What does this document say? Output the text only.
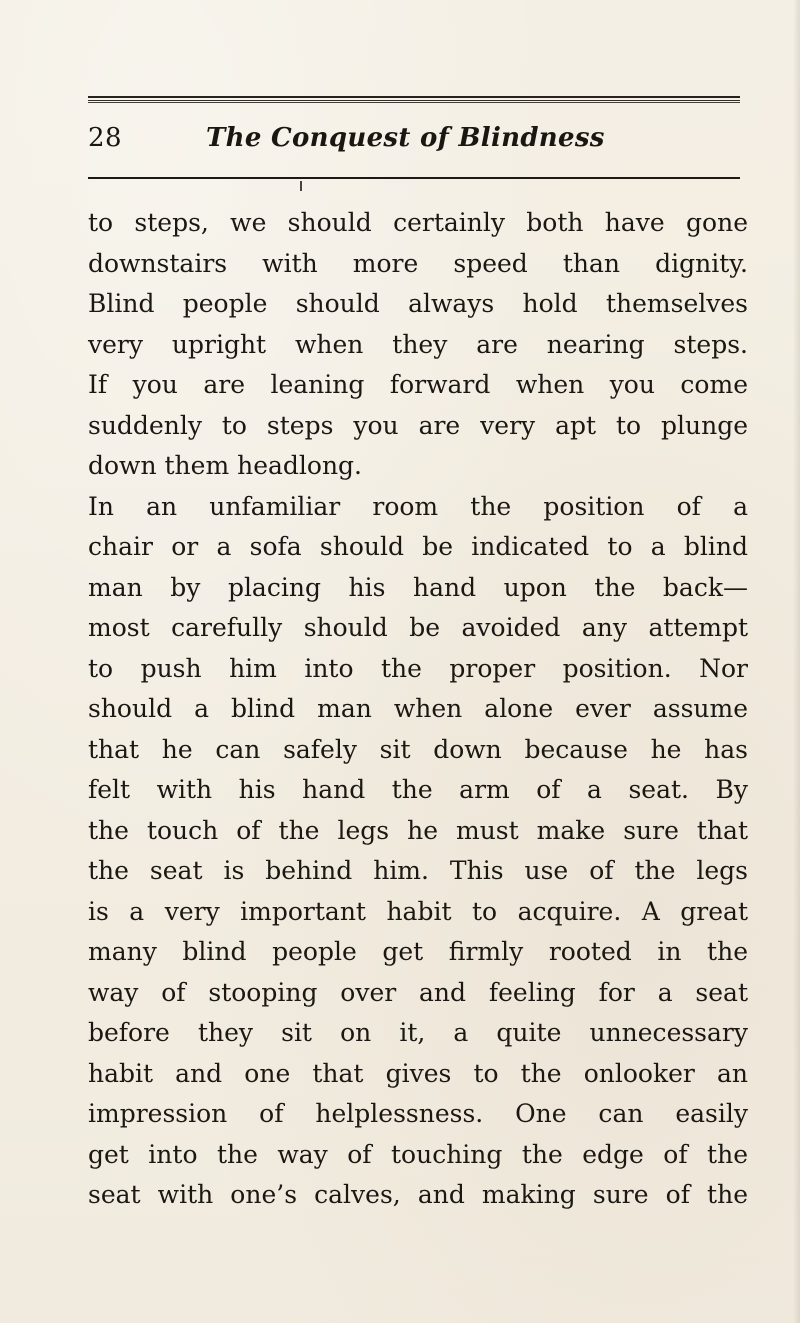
28	The Conquest of Blindness
to steps, we should certainly both have gone
downstairs with more speed than dignity.
Blind people should always hold themselves
very upright when they are nearing steps.
If you are leaning forward when you come
suddenly to steps you are very apt to plunge
down them headlong.
In an unfamiliar room the position of a
chair or a sofa should be indicated to a blind
man by placing his hand upon the back—
most carefully should be avoided any attempt
to push him into the proper position. Nor
should a blind man when alone ever assume
that he can safely sit down because he has
felt with his hand the arm of a seat. By
the touch of the legs he must make sure that
the seat is behind him. This use of the legs
is a very important habit to acquire. A great
many blind people get firmly rooted in the
way of stooping over and feeling for a seat
before they sit on it, a quite unnecessary
habit and one that gives to the onlooker an
impression of helplessness. One can easily
get into the way of touching the edge of the
seat with one’s calves, and making sure of the
